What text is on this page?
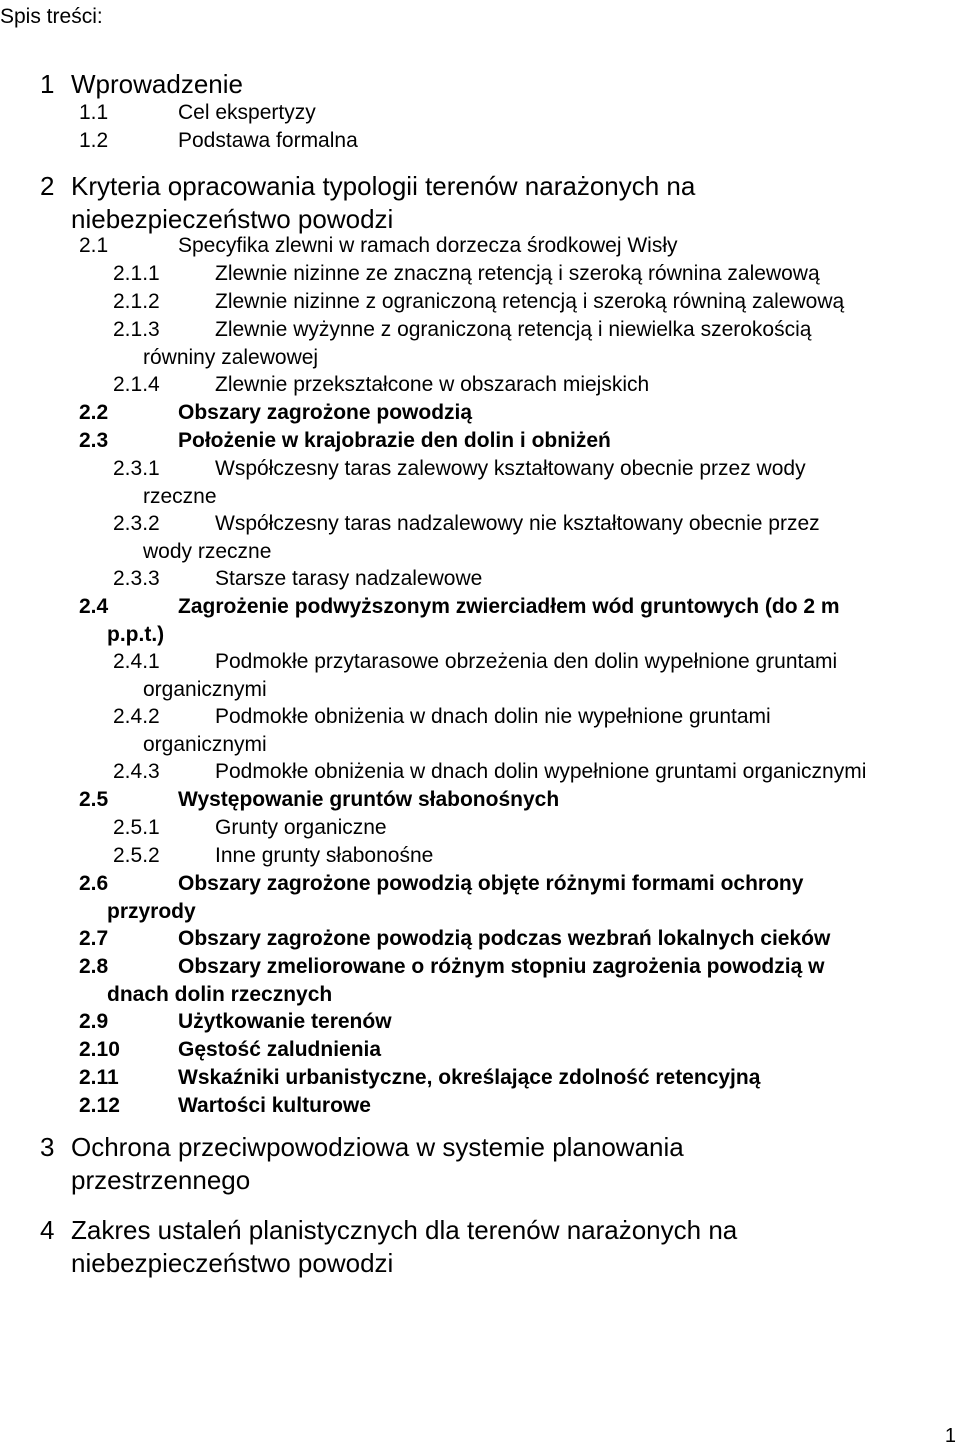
Spis treści:
1 Wprowadzenie
1.1	Cel ekspertyzy
1.2	Podstawa formalna
2 Kryteria opracowania typologii terenów narażonych na
niebezpieczeństwo powodzi
2.1	Specyfika zlewni w ramach dorzecza środkowej Wisły
2.1.1	Zlewnie nizinne ze znaczną retencją i szeroką równina zalewową
2.1.2	Zlewnie nizinne z ograniczoną retencją i szeroką równiną zalewową
2.1.3	Zlewnie wyżynne z ograniczoną retencją i niewielka szerokością
równiny zalewowej
2.1.4	Zlewnie przekształcone w obszarach miejskich
2.2	Obszary zagrożone powodzią
2.3	Położenie w krajobrazie den dolin i obniżeń
2.3.1	Współczesny taras zalewowy kształtowany obecnie przez wody
rzeczne
2.3.2	Współczesny taras nadzalewowy nie kształtowany obecnie przez
wody rzeczne
2.3.3	Starsze tarasy nadzalewowe
2.4	Zagrożenie podwyższonym zwierciadłem wód gruntowych (do 2 m
p.p.t.)
2.4.1	Podmokłe przytarasowe obrzeżenia den dolin wypełnione gruntami
organicznymi
2.4.2	Podmokłe obniżenia w dnach dolin nie wypełnione gruntami
organicznymi
2.4.3	Podmokłe obniżenia w dnach dolin wypełnione gruntami organicznymi
2.5	Występowanie gruntów słabonośnych
2.5.1	Grunty organiczne
2.5.2	Inne grunty słabonośne
2.6	Obszary zagrożone powodzią objęte różnymi formami ochrony
przyrody
2.7	Obszary zagrożone powodzią podczas wezbrań lokalnych cieków
2.8	Obszary zmeliorowane o różnym stopniu zagrożenia powodzią w
dnach dolin rzecznych
2.9	Użytkowanie terenów
2.10	Gęstość zaludnienia
2.11	Wskaźniki urbanistyczne, określające zdolność retencyjną
2.12	Wartości kulturowe
3 Ochrona przeciwpowodziowa w systemie planowania
przestrzennego
4 Zakres ustaleń planistycznych dla terenów narażonych na
niebezpieczeństwo powodzi
1
